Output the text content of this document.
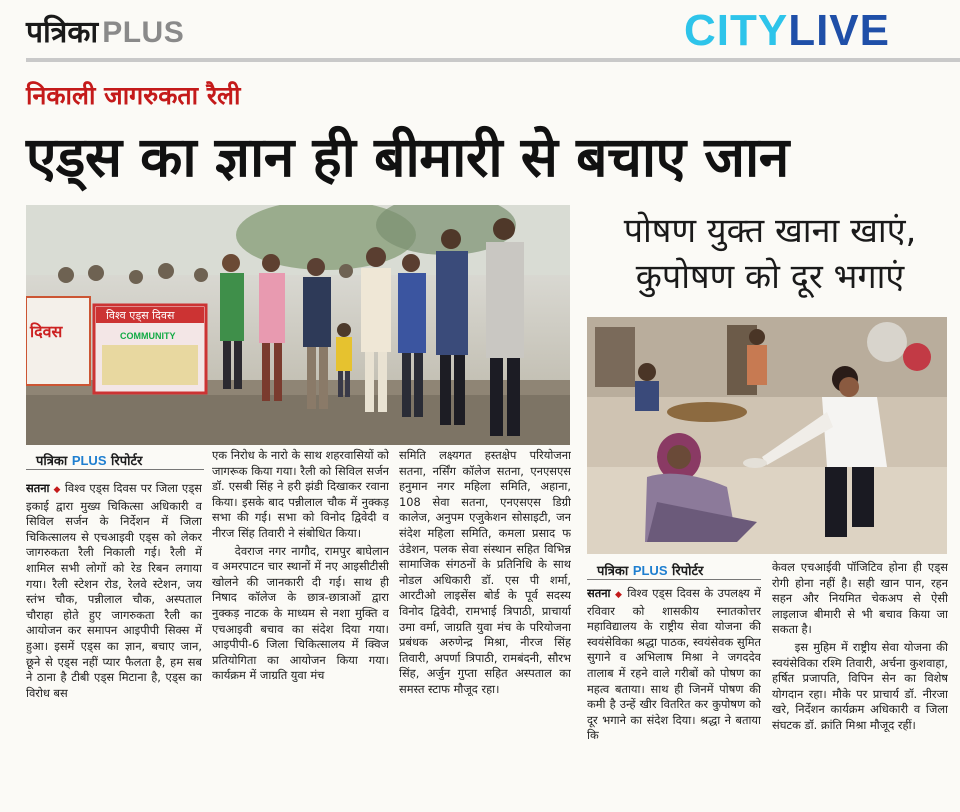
पत्रिका PLUS	CITYLIVE
निकाली जागरुकता रैली
एड्स का ज्ञान ही बीमारी से बचाए जान
दिवस
विश्व एड्स दिवस
COMMUNITY
पोषण युक्त खाना खाएं,
कुपोषण को दूर भगाएं
पत्रिका PLUS रिपोर्टर
पत्रिका PLUS रिपोर्टर

सतना ◆ विश्व एड्स दिवस पर जिला एड्स इकाई द्वारा मुख्य चिकित्सा अधिकारी व सिविल सर्जन के निर्देशन में जिला चिकित्सालय से एचआइवी एड्स को लेकर जागरुकता रैली निकाली गई। रैली में शामिल सभी लोगों को रेड रिबन लगाया गया। रैली स्टेशन रोड, रेलवे स्टेशन, जय स्तंभ चौक, पन्नीलाल चौक, अस्पताल चौराहा होते हुए जागरुकता रैली का आयोजन कर समापन आइपीपी सिक्स में हुआ। इसमें एड्स का ज्ञान, बचाए जान, छूने से एड्स नहीं प्यार फैलता है, हम सब ने ठाना है टीबी एड्स मिटाना है, एड्स का विरोध बस

एक निरोध के नारो के साथ शहरवासियों को जागरूक किया गया। रैली को सिविल सर्जन डॉ. एसबी सिंह ने हरी झंडी दिखाकर रवाना किया। इसके बाद पन्नीलाल चौक में नुक्कड़ सभा की गई। सभा को विनोद द्विवेदी व नीरज सिंह तिवारी ने संबोधित किया।

देवराज नगर नागौद, रामपुर बाघेलान व अमरपाटन चार स्थानों में नए आइसीटीसी खोलने की जानकारी दी गई। साथ ही निषाद कॉलेज के छात्र-छात्राओं द्वारा नुक्कड़ नाटक के माध्यम से नशा मुक्ति व एचआइवी बचाव का संदेश दिया गया। आइपीपी-6 जिला चिकित्सालय में क्विज प्रतियोगिता का आयोजन किया गया। कार्यक्रम में जाग्रति युवा मंच

समिति लक्ष्यगत हस्तक्षेप परियोजना सतना, नर्सिंग कॉलेज सतना, एनएसएस हनुमान नगर महिला समिति, अहाना, 108 सेवा सतना, एनएसएस डिग्री कालेज, अनुपम एजुकेशन सोसाइटी, जन संदेश महिला समिति, कमला प्रसाद फ उंडेशन, पलक सेवा संस्थान सहित विभिन्न सामाजिक संगठनों के प्रतिनिधि के साथ नोडल अधिकारी डॉ. एस पी शर्मा, आरटीओ लाइसेंस बोर्ड के पूर्व सदस्य विनोद द्विवेदी, रामभाई त्रिपाठी, प्राचार्या उमा वर्मा, जाग्रति युवा मंच के परियोजना प्रबंधक अरुणेन्द्र मिश्रा, नीरज सिंह तिवारी, अपर्णा त्रिपाठी, रामबंदनी, सौरभ सिंह, अर्जुन गुप्ता सहित अस्पताल का समस्त स्टाफ मौजूद रहा।

सतना ◆ विश्व एड्स दिवस के उपलक्ष्य में रविवार को शासकीय स्नातकोत्तर महाविद्यालय के राष्ट्रीय सेवा योजना की स्वयंसेविका श्रद्धा पाठक, स्वयंसेवक सुमित सुगाने व अभिलाष मिश्रा ने जगददेव तालाब में रहने वाले गरीबों को पोषण का महत्व बताया। साथ ही जिनमें पोषण की कमी है उन्हें खीर वितरित कर कुपोषण को दूर भगाने का संदेश दिया। श्रद्धा ने बताया कि

केवल एचआईवी पॉजिटिव होना ही एड्स रोगी होना नहीं है। सही खान पान, रहन सहन और नियमित चेकअप से ऐसी लाइलाज बीमारी से भी बचाव किया जा सकता है।

इस मुहिम में राष्ट्रीय सेवा योजना की स्वयंसेविका रश्मि तिवारी, अर्चना कुशवाहा, हर्षित प्रजापति, विपिन सेन का विशेष योगदान रहा। मौके पर प्राचार्य डॉ. नीरजा खरे, निर्देशन कार्यक्रम अधिकारी व जिला संघटक डॉ. क्रांति मिश्रा मौजूद रहीं।
